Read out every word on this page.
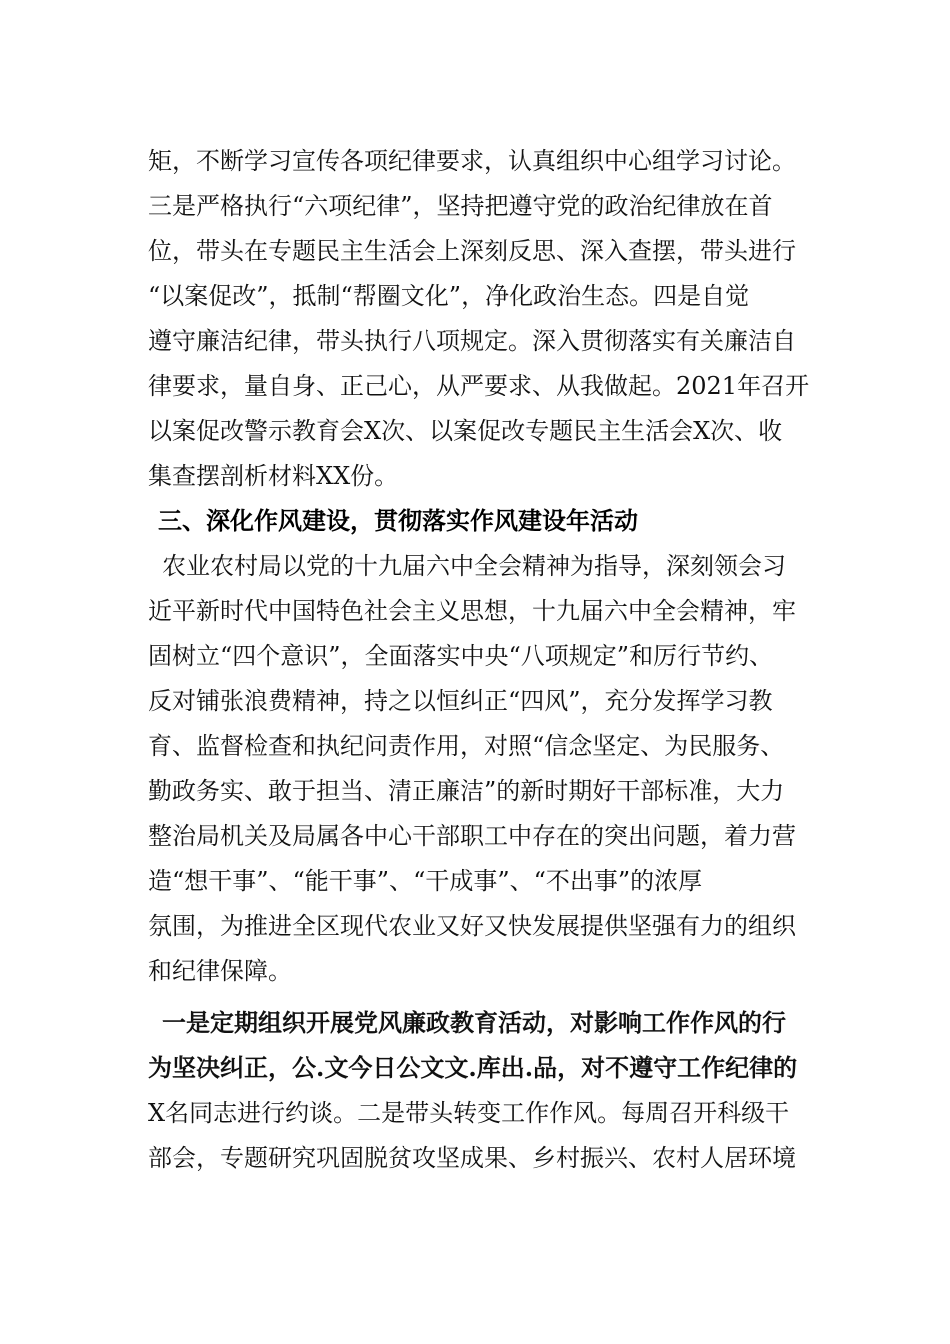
矩，不断学习宣传各项纪律要求，认真组织中心组学习讨论。
三是严格执行“六项纪律”，坚持把遵守党的政治纪律放在首
位，带头在专题民主生活会上深刻反思、深入查摆，带头进行
“以案促改”，抵制“帮圈文化”，净化政治生态。四是自觉
遵守廉洁纪律，带头执行八项规定。深入贯彻落实有关廉洁自
律要求，量自身、正己心，从严要求、从我做起。2021年召开
以案促改警示教育会X次、以案促改专题民主生活会X次、收
集查摆剖析材料XX份。
三、深化作风建设，贯彻落实作风建设年活动
农业农村局以党的十九届六中全会精神为指导，深刻领会习
近平新时代中国特色社会主义思想，十九届六中全会精神，牢
固树立“四个意识”，全面落实中央“八项规定”和厉行节约、
反对铺张浪费精神，持之以恒纠正“四风”，充分发挥学习教
育、监督检查和执纪问责作用，对照“信念坚定、为民服务、
勤政务实、敢于担当、清正廉洁”的新时期好干部标准，大力
整治局机关及局属各中心干部职工中存在的突出问题，着力营
造“想干事”、“能干事”、“干成事”、“不出事”的浓厚
氛围，为推进全区现代农业又好又快发展提供坚强有力的组织
和纪律保障。
一是定期组织开展党风廉政教育活动，对影响工作作风的行
为坚决纠正，公.文今日公文文.库出.品，对不遵守工作纪律的
X名同志进行约谈。二是带头转变工作作风。每周召开科级干
部会，专题研究巩固脱贫攻坚成果、乡村振兴、农村人居环境
